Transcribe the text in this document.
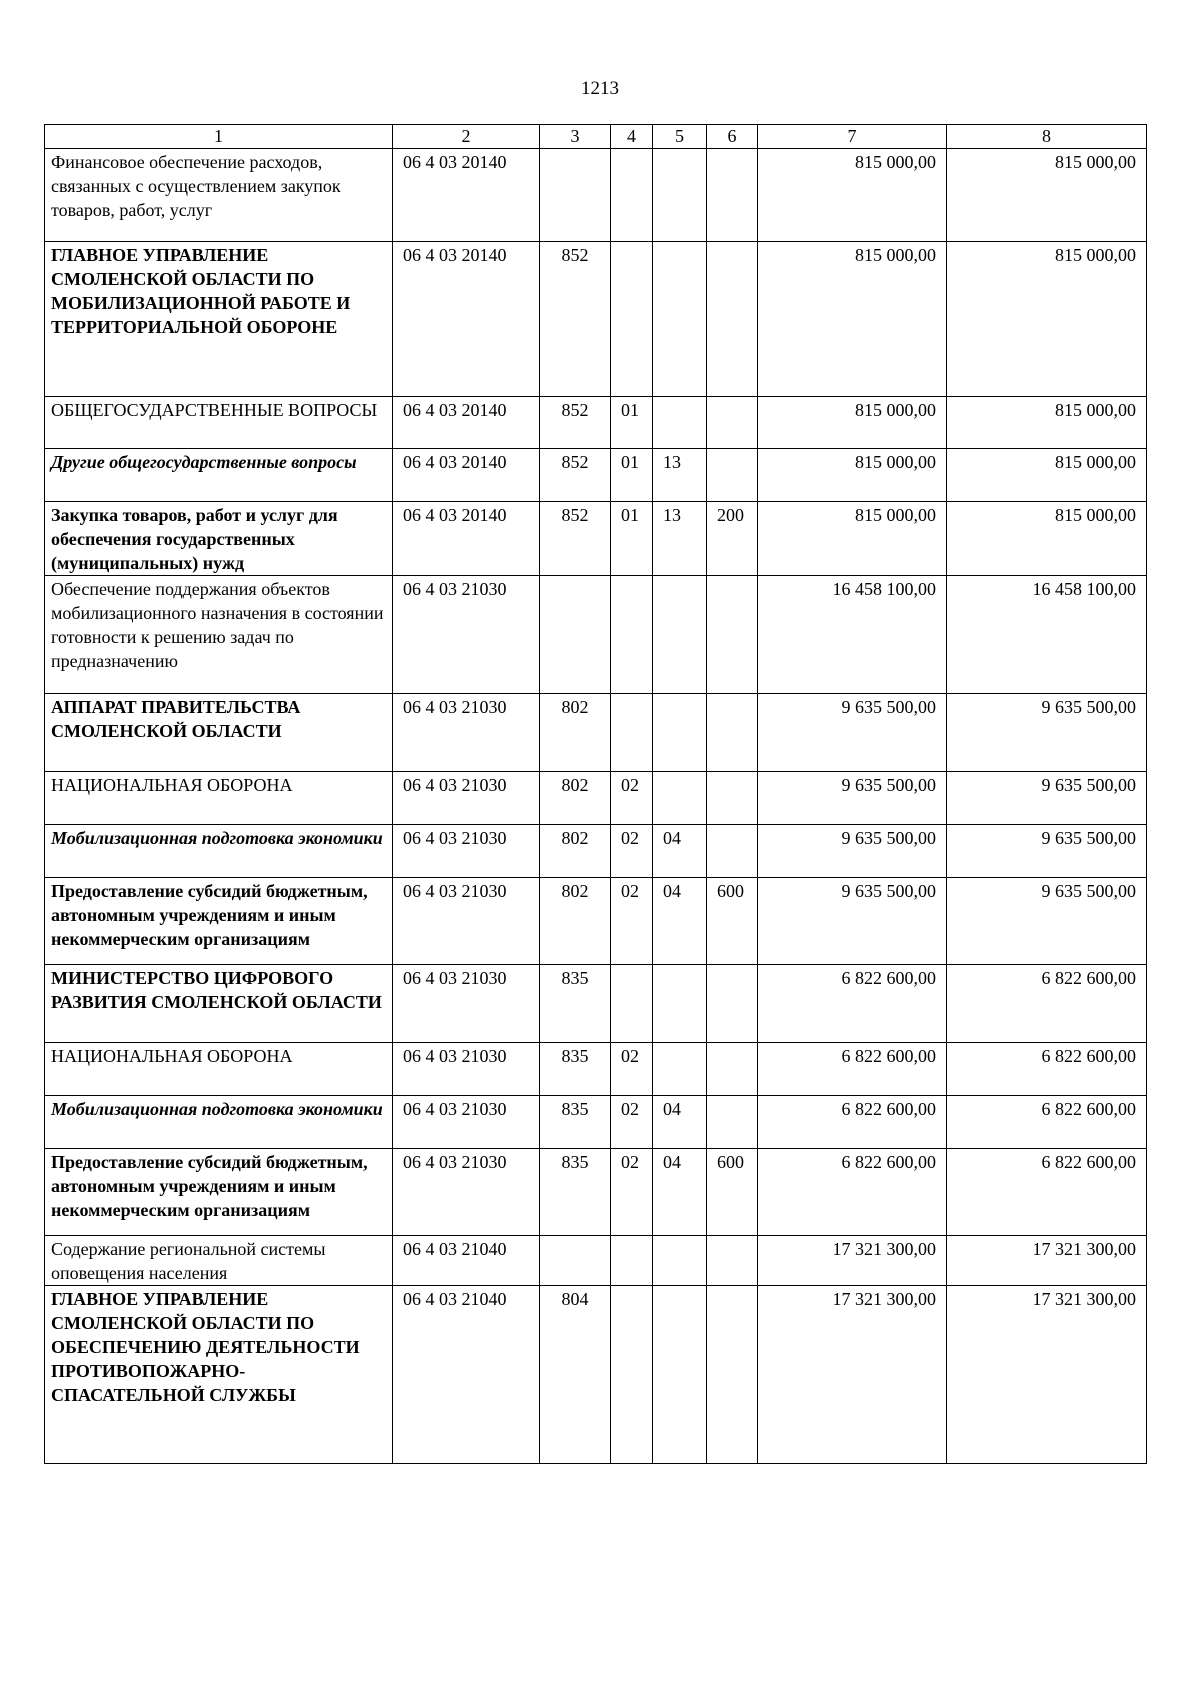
1213
1	2	3	4	5	6	7	8
Финансовое обеспечение расходов, связанных с осуществлением закупок товаров, работ, услуг	06 4 03 20140					815 000,00	815 000,00
ГЛАВНОЕ УПРАВЛЕНИЕ СМОЛЕНСКОЙ ОБЛАСТИ ПО МОБИЛИЗАЦИОННОЙ РАБОТЕ И ТЕРРИТОРИАЛЬНОЙ ОБОРОНЕ	06 4 03 20140	852				815 000,00	815 000,00
ОБЩЕГОСУДАРСТВЕННЫЕ ВОПРОСЫ	06 4 03 20140	852	01			815 000,00	815 000,00
Другие общегосударственные вопросы	06 4 03 20140	852	01	13		815 000,00	815 000,00
Закупка товаров, работ и услуг для обеспечения государственных (муниципальных) нужд	06 4 03 20140	852	01	13	200	815 000,00	815 000,00
Обеспечение поддержания объектов мобилизационного назначения в состоянии готовности к решению задач по предназначению	06 4 03 21030					16 458 100,00	16 458 100,00
АППАРАТ ПРАВИТЕЛЬСТВА СМОЛЕНСКОЙ ОБЛАСТИ	06 4 03 21030	802				9 635 500,00	9 635 500,00
НАЦИОНАЛЬНАЯ ОБОРОНА	06 4 03 21030	802	02			9 635 500,00	9 635 500,00
Мобилизационная подготовка экономики	06 4 03 21030	802	02	04		9 635 500,00	9 635 500,00
Предоставление субсидий бюджетным, автономным учреждениям и иным некоммерческим организациям	06 4 03 21030	802	02	04	600	9 635 500,00	9 635 500,00
МИНИСТЕРСТВО ЦИФРОВОГО РАЗВИТИЯ СМОЛЕНСКОЙ ОБЛАСТИ	06 4 03 21030	835				6 822 600,00	6 822 600,00
НАЦИОНАЛЬНАЯ ОБОРОНА	06 4 03 21030	835	02			6 822 600,00	6 822 600,00
Мобилизационная подготовка экономики	06 4 03 21030	835	02	04		6 822 600,00	6 822 600,00
Предоставление субсидий бюджетным, автономным учреждениям и иным некоммерческим организациям	06 4 03 21030	835	02	04	600	6 822 600,00	6 822 600,00
Содержание региональной системы оповещения населения	06 4 03 21040					17 321 300,00	17 321 300,00
ГЛАВНОЕ УПРАВЛЕНИЕ СМОЛЕНСКОЙ ОБЛАСТИ ПО ОБЕСПЕЧЕНИЮ ДЕЯТЕЛЬНОСТИ ПРОТИВОПОЖАРНО-СПАСАТЕЛЬНОЙ СЛУЖБЫ	06 4 03 21040	804				17 321 300,00	17 321 300,00
